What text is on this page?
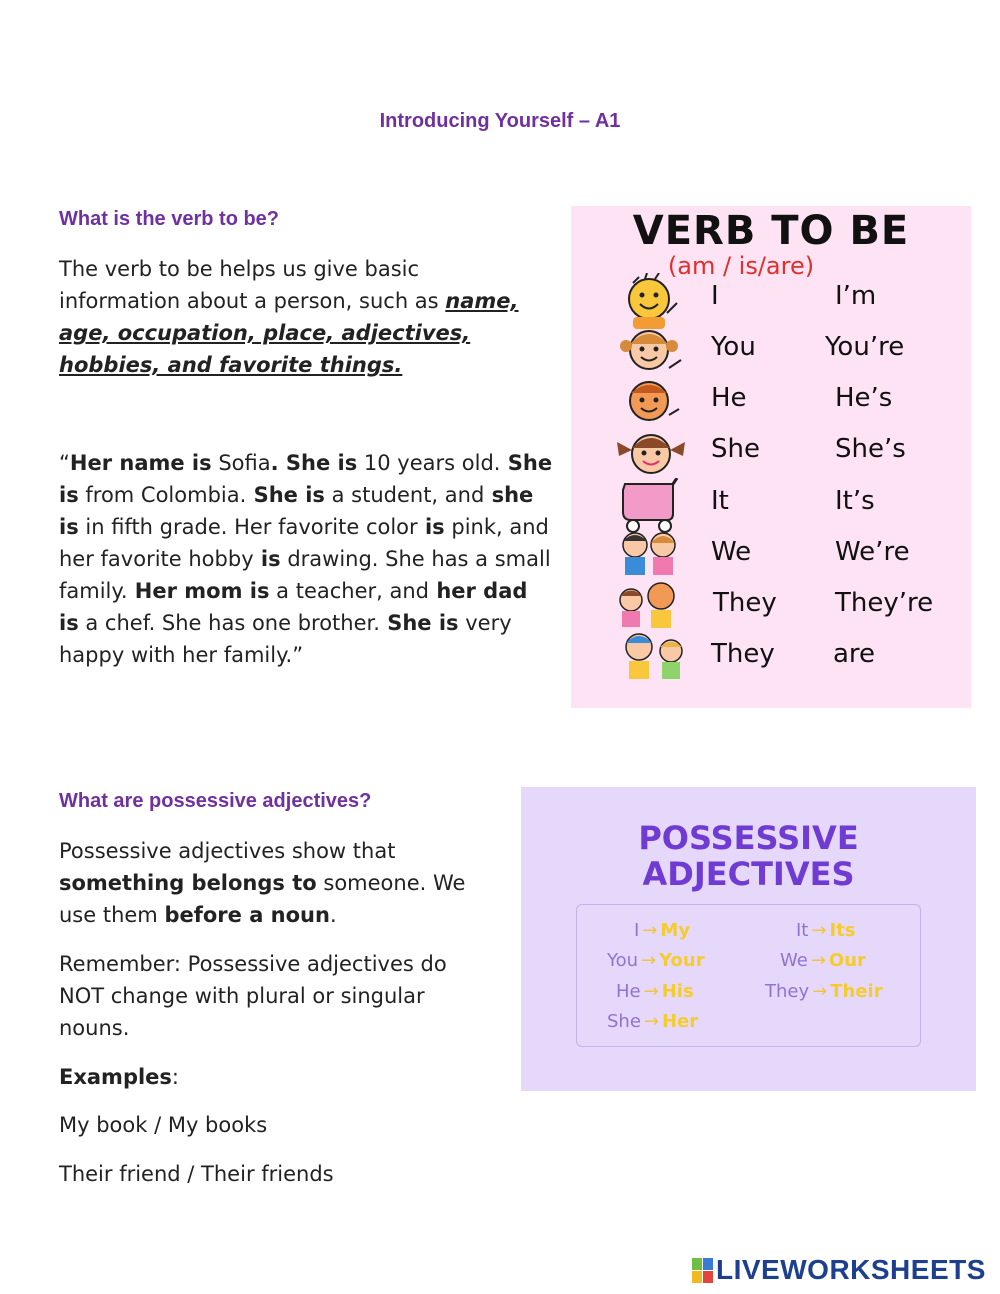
Introducing Yourself – A1
What is the verb to be?
The verb to be helps us give basic information about a person, such as name, age, occupation, place, adjectives, hobbies, and favorite things.
“Her name is Sofia. She is 10 years old. She is from Colombia. She is a student, and she is in fifth grade. Her favorite color is pink, and her favorite hobby is drawing. She has a small family. Her mom is a teacher, and her dad is a chef. She has one brother. She is very happy with her family.”
VERB TO BE
(am / is/are)
I	I’m
You	You’re
He	He’s
She	She’s
It	It’s
We	We’re
They They’re
They are
What are possessive adjectives?
Possessive adjectives show that something belongs to someone. We use them before a noun.
Remember: Possessive adjectives do NOT change with plural or singular nouns.
Examples:
My book / My books
Their friend / Their friends
POSSESSIVE
ADJECTIVES
I → My
You → Your
He → His
She → Her
It → Its
We → Our
They → Their
LIVEWORKSHEETS
